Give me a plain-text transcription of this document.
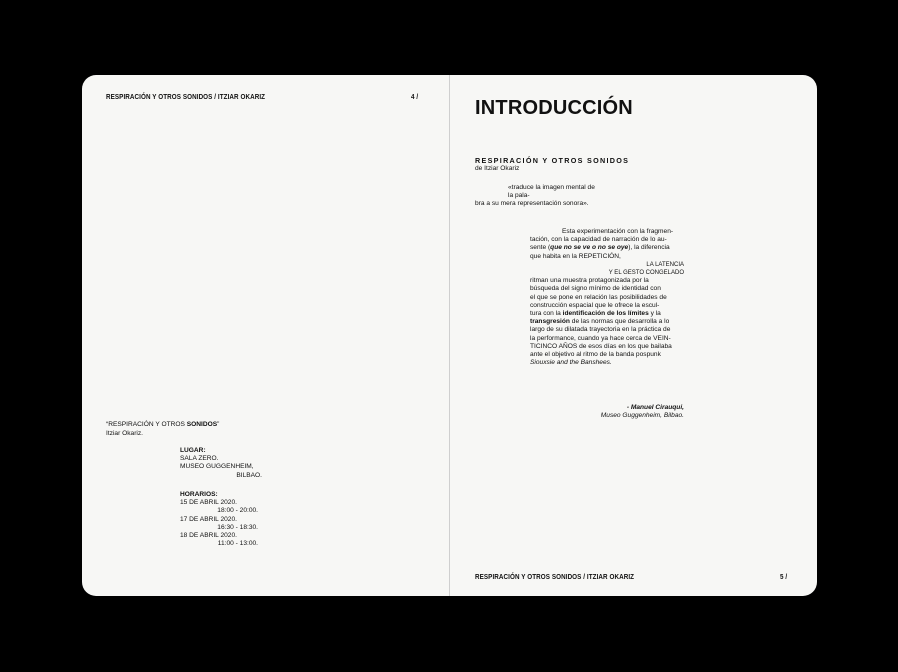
RESPIRACIÓN Y OTROS SONIDOS / ITZIAR OKARIZ	4 /
“RESPIRACIÓN Y OTROS SONIDOS”
Itziar Okariz.
LUGAR:
SALA ZERO.
MUSEO GUGGENHEIM,
BILBAO.
HORARIOS:
15 DE ABRIL 2020.
18:00 - 20:00.
17 DE ABRIL 2020.
16:30 - 18:30.
18 DE ABRIL 2020.
11:00 - 13:00.
INTRODUCCIÓN
RESPIRACIÓN Y OTROS SONIDOS
de Itziar Okariz
«traduce la imagen mental de la pala-
bra a su mera representación sonora».
Esta experimentación con la fragmen-
tación, con la capacidad de narración de lo au-
sente (que no se ve o no se oye), la diferencia
que habita en la REPETICIÓN,
LA LATENCIA
Y EL GESTO CONGELADO
ritman una muestra protagonizada por la
búsqueda del signo mínimo de identidad con
el que se pone en relación las posibilidades de
construcción espacial que le ofrece la escul-
tura con la identificación de los límites y la
transgresión de las normas que desarrolla a lo
largo de su dilatada trayectoria en la práctica de
la performance, cuando ya hace cerca de VEIN-
TICINCO AÑOS de esos días en los que bailaba
ante el objetivo al ritmo de la banda pospunk
Siouxsie and the Banshees.
- Manuel Cirauqui,
Museo Guggenheim, Bilbao.
RESPIRACIÓN Y OTROS SONIDOS / ITZIAR OKARIZ	5 /
